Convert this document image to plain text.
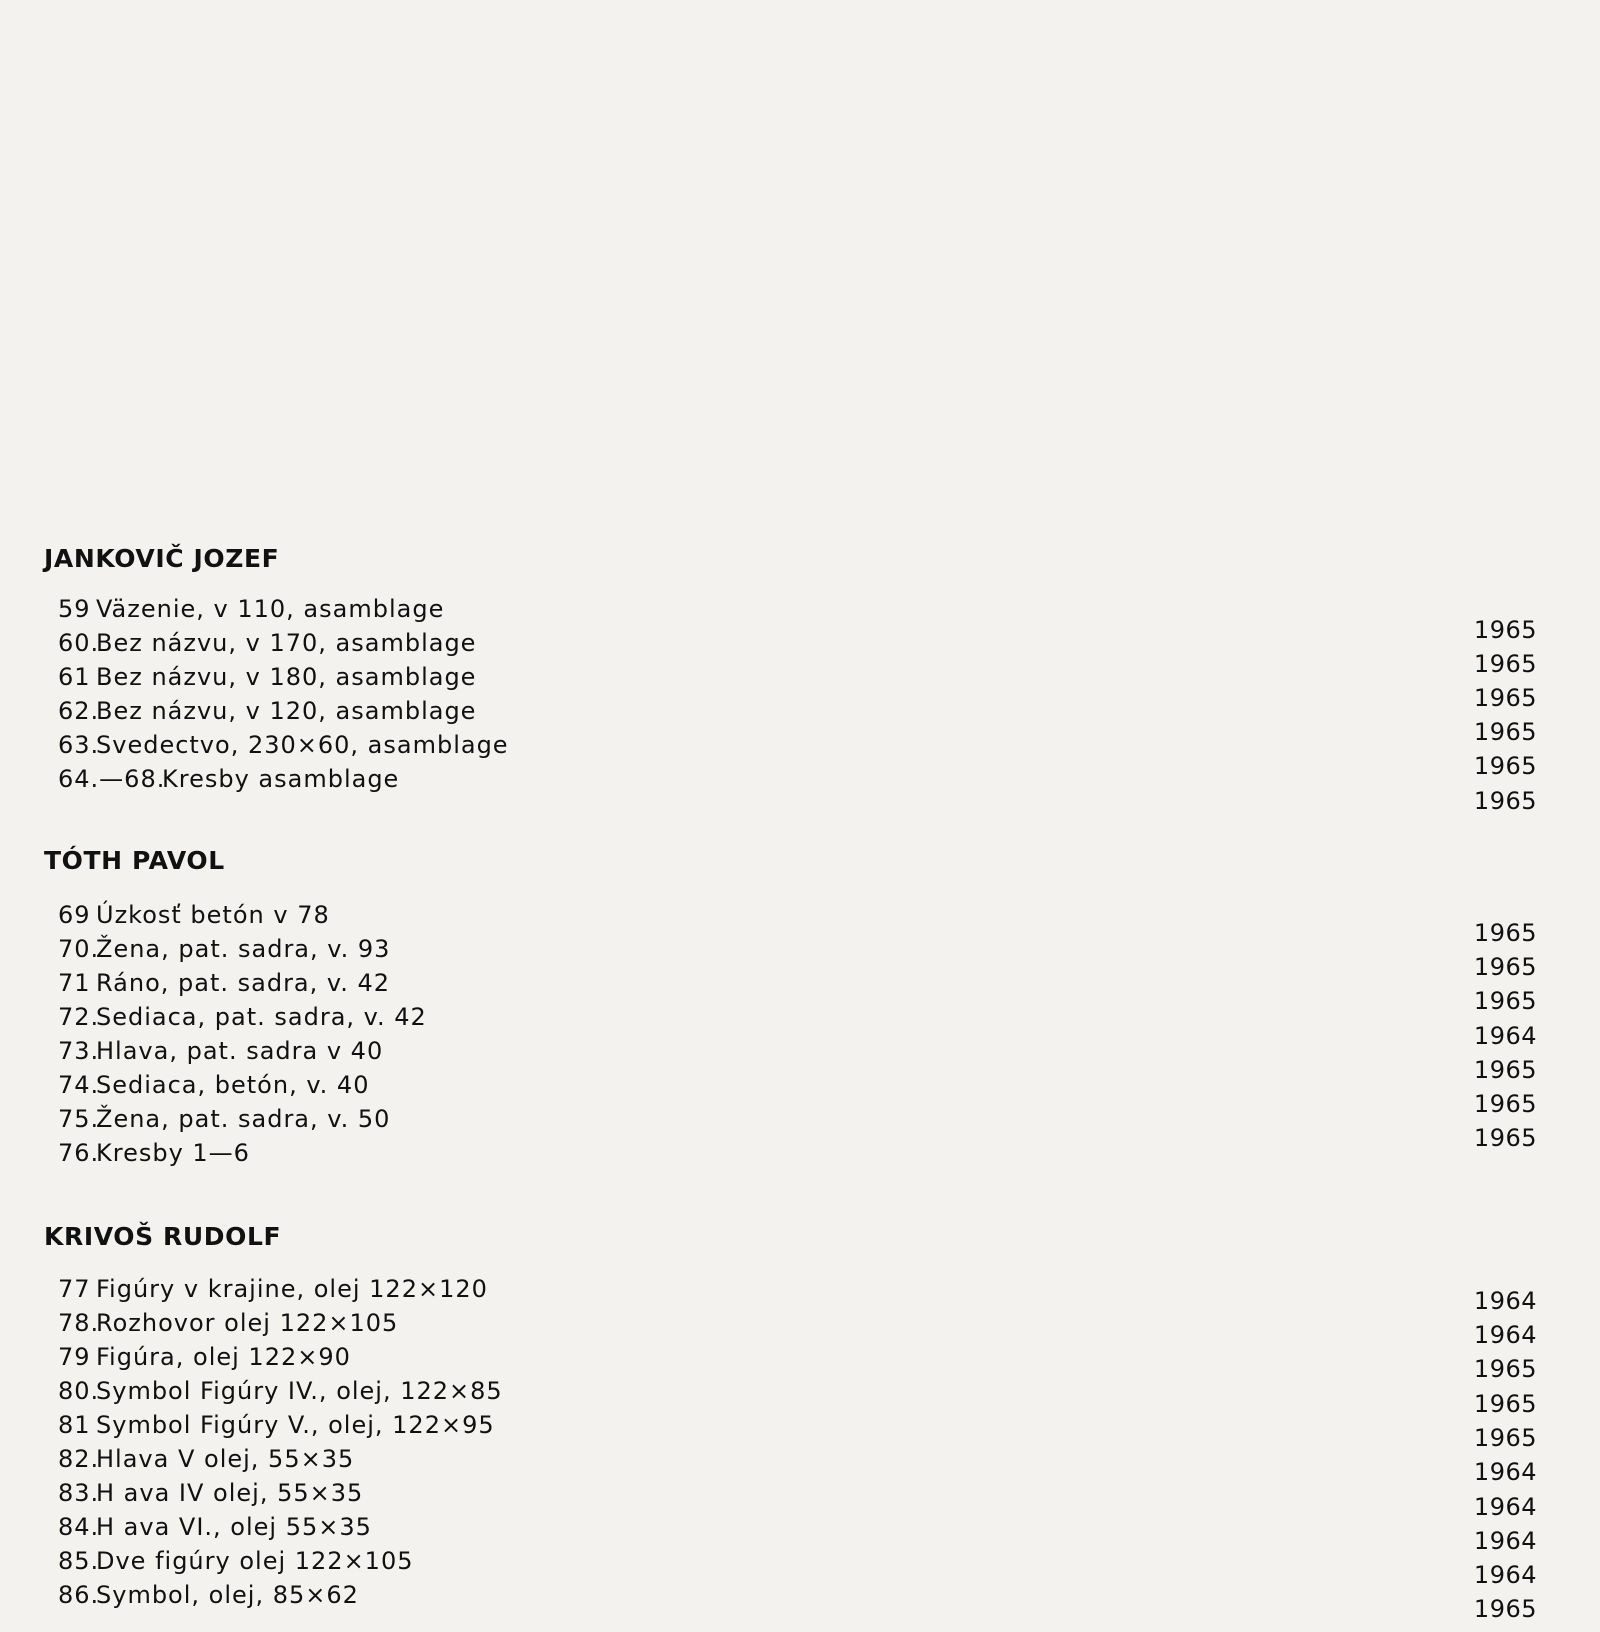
JANKOVIČ JOZEF
59 Väzenie, v 110, asamblage
60.
Bez názvu, v 170, asamblage
61 Bez názvu, v 180, asamblage
62.
Bez názvu, v 120, asamblage
63.
Svedectvo, 230×60, asamblage
64.—68.
Kresby asamblage
TÓTH PAVOL
69 Úzkosť betón v 78
70.
Žena, pat. sadra, v. 93
71 Ráno, pat. sadra, v. 42
72.
Sediaca, pat. sadra, v. 42
73.
Hlava, pat. sadra v 40
74.
Sediaca, betón, v. 40
75.
Žena, pat. sadra, v. 50
76.
Kresby 1—6
KRIVOŠ RUDOLF
77 Figúry v krajine, olej 122×120
78.
Rozhovor olej 122×105
79 Figúra, olej 122×90
80.
Symbol Figúry IV., olej, 122×85
81 Symbol Figúry V., olej, 122×95
82.
Hlava V olej, 55×35
83.
H ava IV olej, 55×35
84.
H ava VI., olej 55×35
85.
Dve figúry olej 122×105
86.
Symbol, olej, 85×62
1965
1965
1965
1965
1965
1965
1965
1965
1965
1964
1965
1965
1965
1964
1964
1965
1965
1965
1964
1964
1964
1964
1965
